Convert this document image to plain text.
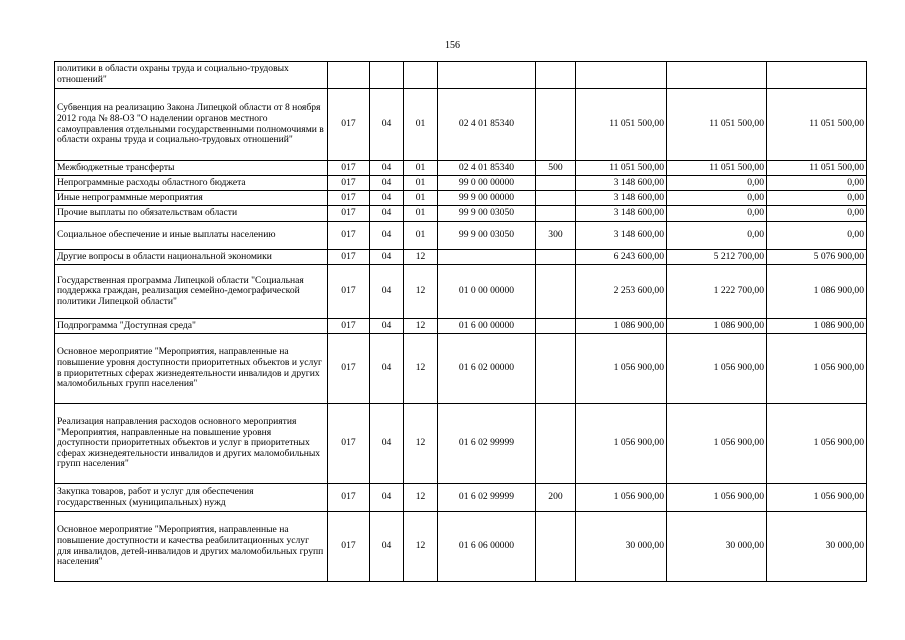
156
политики в области охраны труда и социально-трудовых отношений"								
Субвенция на реализацию Закона Липецкой области от 8 ноября 2012 года № 88-ОЗ "О наделении органов местного самоуправления отдельными государственными полномочиями в области охраны труда и социально-трудовых отношений"	017	04	01	02 4 01 85340		11 051 500,00	11 051 500,00	11 051 500,00
Межбюджетные трансферты	017	04	01	02 4 01 85340	500	11 051 500,00	11 051 500,00	11 051 500,00
Непрограммные расходы областного бюджета	017	04	01	99 0 00 00000		3 148 600,00	0,00	0,00
Иные непрограммные мероприятия	017	04	01	99 9 00 00000		3 148 600,00	0,00	0,00
Прочие выплаты по обязательствам области	017	04	01	99 9 00 03050		3 148 600,00	0,00	0,00
Социальное обеспечение и иные выплаты населению	017	04	01	99 9 00 03050	300	3 148 600,00	0,00	0,00
Другие вопросы в области национальной экономики	017	04	12			6 243 600,00	5 212 700,00	5 076 900,00
Государственная программа Липецкой области "Социальная поддержка граждан, реализация семейно-демографической политики Липецкой области"	017	04	12	01 0 00 00000		2 253 600,00	1 222 700,00	1 086 900,00
Подпрограмма "Доступная среда"	017	04	12	01 6 00 00000		1 086 900,00	1 086 900,00	1 086 900,00
Основное мероприятие "Мероприятия, направленные на повышение уровня доступности приоритетных объектов и услуг в приоритетных сферах жизнедеятельности инвалидов и других маломобильных групп населения"	017	04	12	01 6 02 00000		1 056 900,00	1 056 900,00	1 056 900,00
Реализация направления расходов основного мероприятия "Мероприятия, направленные на повышение уровня доступности приоритетных объектов и услуг в приоритетных сферах жизнедеятельности инвалидов и других маломобильных групп населения"	017	04	12	01 6 02 99999		1 056 900,00	1 056 900,00	1 056 900,00
Закупка товаров, работ и услуг для обеспечения государственных (муниципальных) нужд	017	04	12	01 6 02 99999	200	1 056 900,00	1 056 900,00	1 056 900,00
Основное мероприятие "Мероприятия, направленные на повышение доступности и качества реабилитационных услуг для инвалидов, детей-инвалидов и других маломобильных групп населения"	017	04	12	01 6 06 00000		30 000,00	30 000,00	30 000,00
